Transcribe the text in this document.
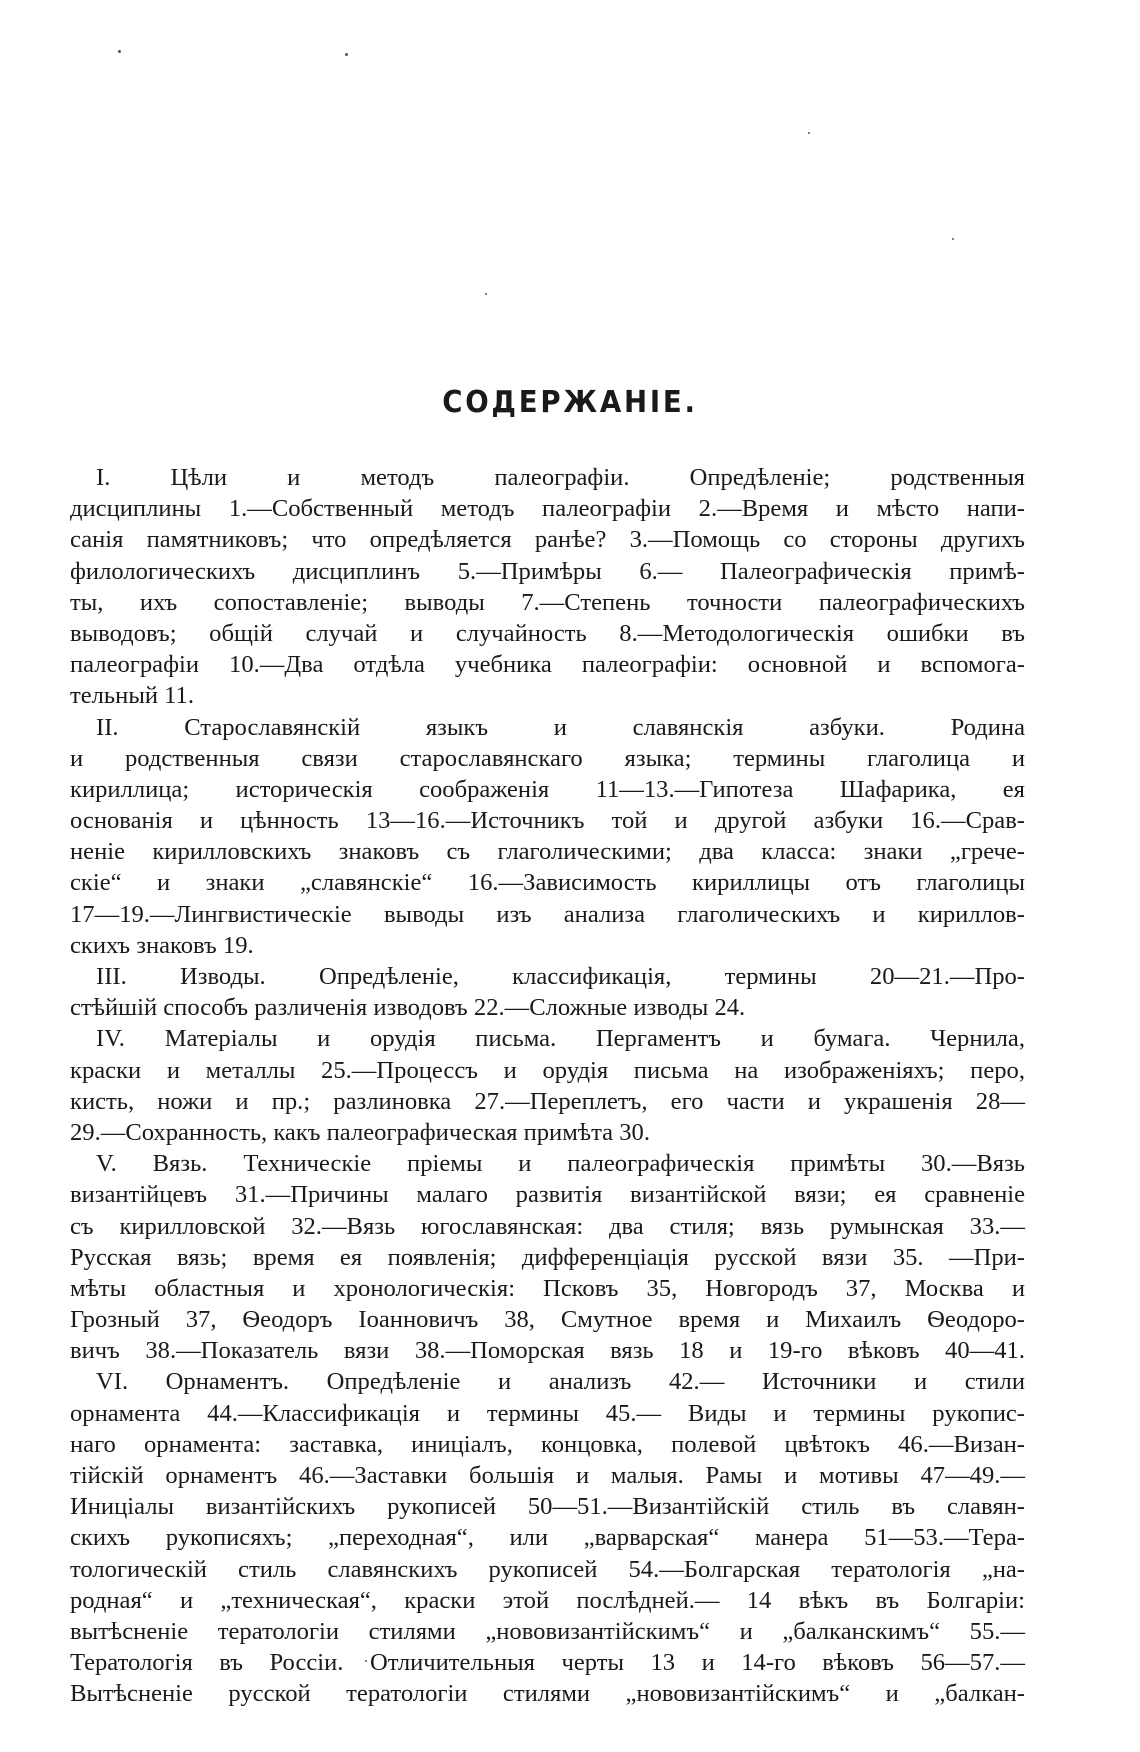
СОДЕРЖАНІЕ.
I. Цѣли и методъ палеографіи. Опредѣленіе; родственныя
дисциплины 1.—Собственный методъ палеографіи 2.—Время и мѣсто напи-
санія памятниковъ; что опредѣляется ранѣе? 3.—Помощь со стороны другихъ
филологическихъ дисциплинъ 5.—Примѣры 6.— Палеографическія примѣ-
ты, ихъ сопоставленіе; выводы 7.—Степень точности палеографическихъ
выводовъ; общій случай и случайность 8.—Методологическія ошибки въ
палеографіи 10.—Два отдѣла учебника палеографіи: основной и вспомога-
тельный 11.
II. Старославянскій языкъ и славянскія азбуки. Родина
и родственныя связи старославянскаго языка; термины глаголица и
кириллица; историческія соображенія 11—13.—Гипотеза Шафарика, ея
основанія и цѣнность 13—16.—Источникъ той и другой азбуки 16.—Срав-
неніе кирилловскихъ знаковъ съ глаголическими; два класса: знаки „грече-
скіе“ и знаки „славянскіе“ 16.—Зависимость кириллицы отъ глаголицы
17—19.—Лингвистическіе выводы изъ анализа глаголическихъ и кириллов-
скихъ знаковъ 19.
III. Изводы. Опредѣленіе, классификація, термины 20—21.—Про-
стѣйшій способъ различенія изводовъ 22.—Сложные изводы 24.
IV. Матеріалы и орудія письма. Пергаментъ и бумага. Чернила,
краски и металлы 25.—Процессъ и орудія письма на изображеніяхъ; перо,
кисть, ножи и пр.; разлиновка 27.—Переплетъ, его части и украшенія 28—
29.—Сохранность, какъ палеографическая примѣта 30.
V. Вязь. Техническіе пріемы и палеографическія примѣты 30.—Вязь
византійцевъ 31.—Причины малаго развитія византійской вязи; ея сравненіе
съ кирилловской 32.—Вязь югославянская: два стиля; вязь румынская 33.—
Русская вязь; время ея появленія; дифференціація русской вязи 35. —При-
мѣты областныя и хронологическія: Псковъ 35, Новгородъ 37, Москва и
Грозный 37, Ѳеодоръ Іоанновичъ 38, Смутное время и Михаилъ Ѳеодоро-
вичъ 38.—Показатель вязи 38.—Поморская вязь 18 и 19-го вѣковъ 40—41.
VI. Орнаментъ. Опредѣленіе и анализъ 42.— Источники и стили
орнамента 44.—Классификація и термины 45.— Виды и термины рукопис-
наго орнамента: заставка, иниціалъ, концовка, полевой цвѣтокъ 46.—Визан-
тійскій орнаментъ 46.—Заставки большія и малыя. Рамы и мотивы 47—49.—
Иниціалы византійскихъ рукописей 50—51.—Византійскій стиль въ славян-
скихъ рукописяхъ; „переходная“, или „варварская“ манера 51—53.—Тера-
тологическій стиль славянскихъ рукописей 54.—Болгарская тератологія „на-
родная“ и „техническая“, краски этой послѣдней.— 14 вѣкъ въ Болгаріи:
вытѣсненіе тератологіи стилями „нововизантійскимъ“ и „балканскимъ“ 55.—
Тератологія въ Россіи. Отличительныя черты 13 и 14-го вѣковъ 56—57.—
Вытѣсненіе русской тератологіи стилями „нововизантійскимъ“ и „балкан-
